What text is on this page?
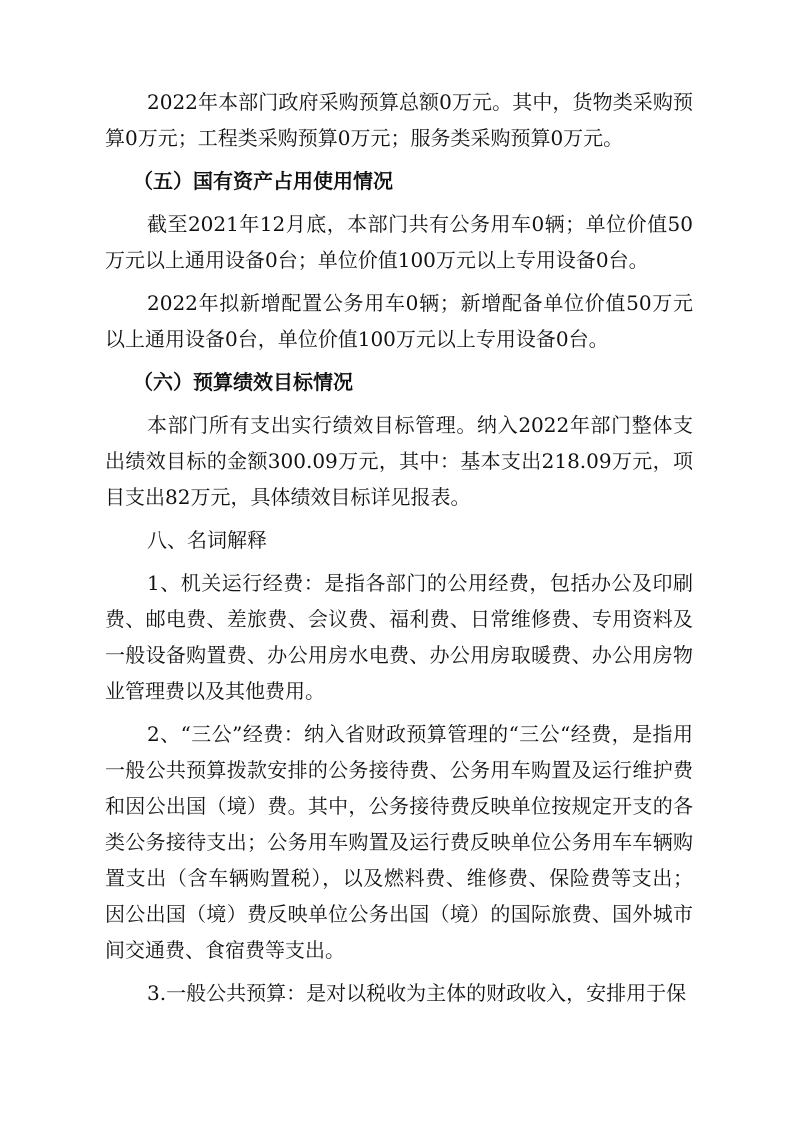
2022年本部门政府采购预算总额0万元。其中，货物类采购预算0万元；工程类采购预算0万元；服务类采购预算0万元。

（五）国有资产占用使用情况

截至2021年12月底，本部门共有公务用车0辆；单位价值50万元以上通用设备0台；单位价值100万元以上专用设备0台。

2022年拟新增配置公务用车0辆；新增配备单位价值50万元以上通用设备0台，单位价值100万元以上专用设备0台。

（六）预算绩效目标情况

本部门所有支出实行绩效目标管理。纳入2022年部门整体支出绩效目标的金额300.09万元，其中：基本支出218.09万元，项目支出82万元，具体绩效目标详见报表。

八、名词解释

1、机关运行经费：是指各部门的公用经费，包括办公及印刷费、邮电费、差旅费、会议费、福利费、日常维修费、专用资料及一般设备购置费、办公用房水电费、办公用房取暖费、办公用房物业管理费以及其他费用。

2、“三公”经费：纳入省财政预算管理的“三公“经费，是指用一般公共预算拨款安排的公务接待费、公务用车购置及运行维护费和因公出国（境）费。其中，公务接待费反映单位按规定开支的各类公务接待支出；公务用车购置及运行费反映单位公务用车车辆购置支出（含车辆购置税），以及燃料费、维修费、保险费等支出；因公出国（境）费反映单位公务出国（境）的国际旅费、国外城市间交通费、食宿费等支出。

3.一般公共预算：是对以税收为主体的财政收入，安排用于保
